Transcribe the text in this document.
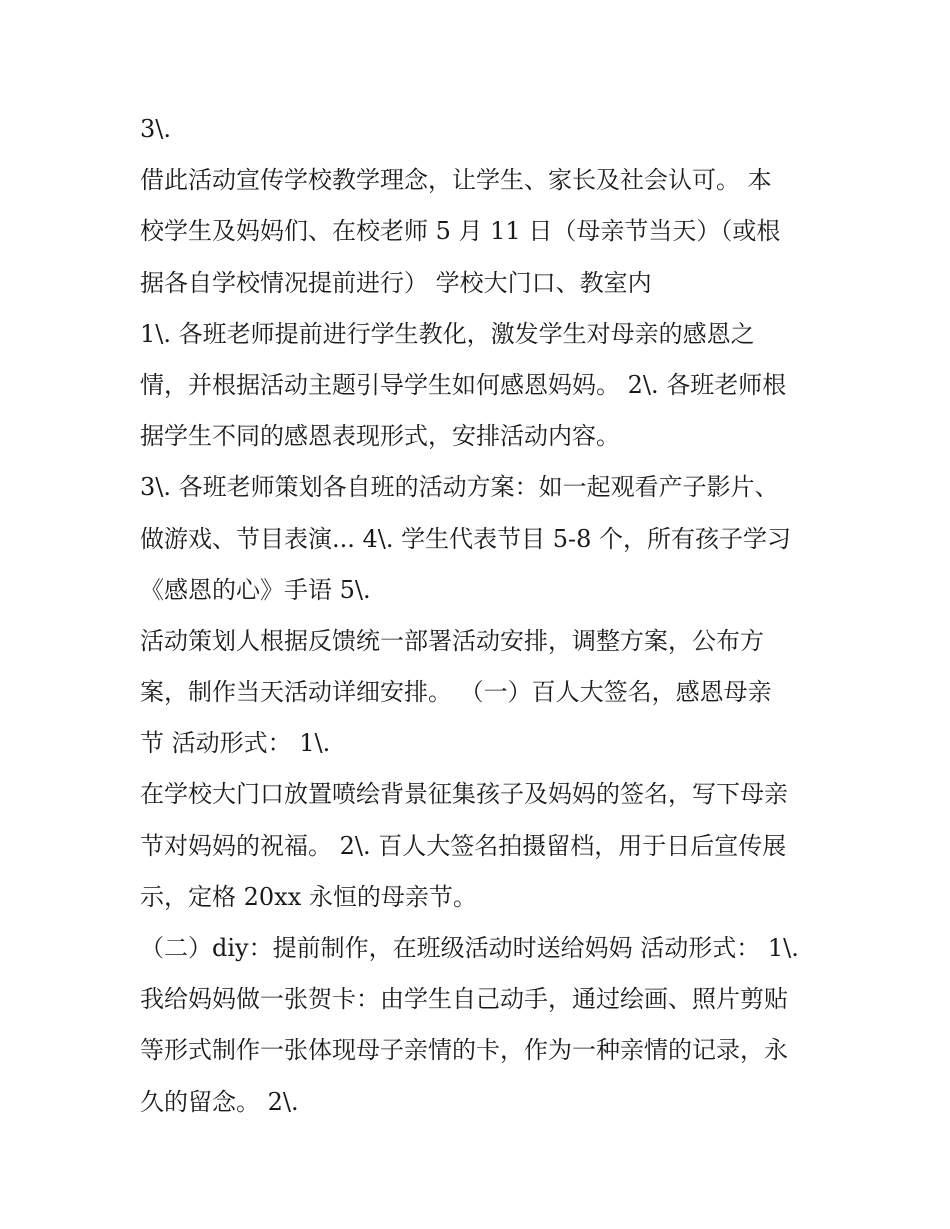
3\.
借此活动宣传学校教学理念，让学生、家长及社会认可。 本
校学生及妈妈们、在校老师 5 月 11 日（母亲节当天）（或根
据各自学校情况提前进行） 学校大门口、教室内
1\. 各班老师提前进行学生教化，激发学生对母亲的感恩之
情，并根据活动主题引导学生如何感恩妈妈。 2\. 各班老师根
据学生不同的感恩表现形式，安排活动内容。
3\. 各班老师策划各自班的活动方案：如一起观看产子影片、
做游戏、节目表演... 4\. 学生代表节目 5-8 个，所有孩子学习
《感恩的心》手语 5\.
活动策划人根据反馈统一部署活动安排，调整方案，公布方
案，制作当天活动详细安排。 （一）百人大签名，感恩母亲
节 活动形式： 1\.
在学校大门口放置喷绘背景征集孩子及妈妈的签名，写下母亲
节对妈妈的祝福。 2\. 百人大签名拍摄留档，用于日后宣传展
示，定格 20xx 永恒的母亲节。
（二）diy：提前制作，在班级活动时送给妈妈 活动形式： 1\.
我给妈妈做一张贺卡：由学生自己动手，通过绘画、照片剪贴
等形式制作一张体现母子亲情的卡，作为一种亲情的记录，永
久的留念。 2\.
